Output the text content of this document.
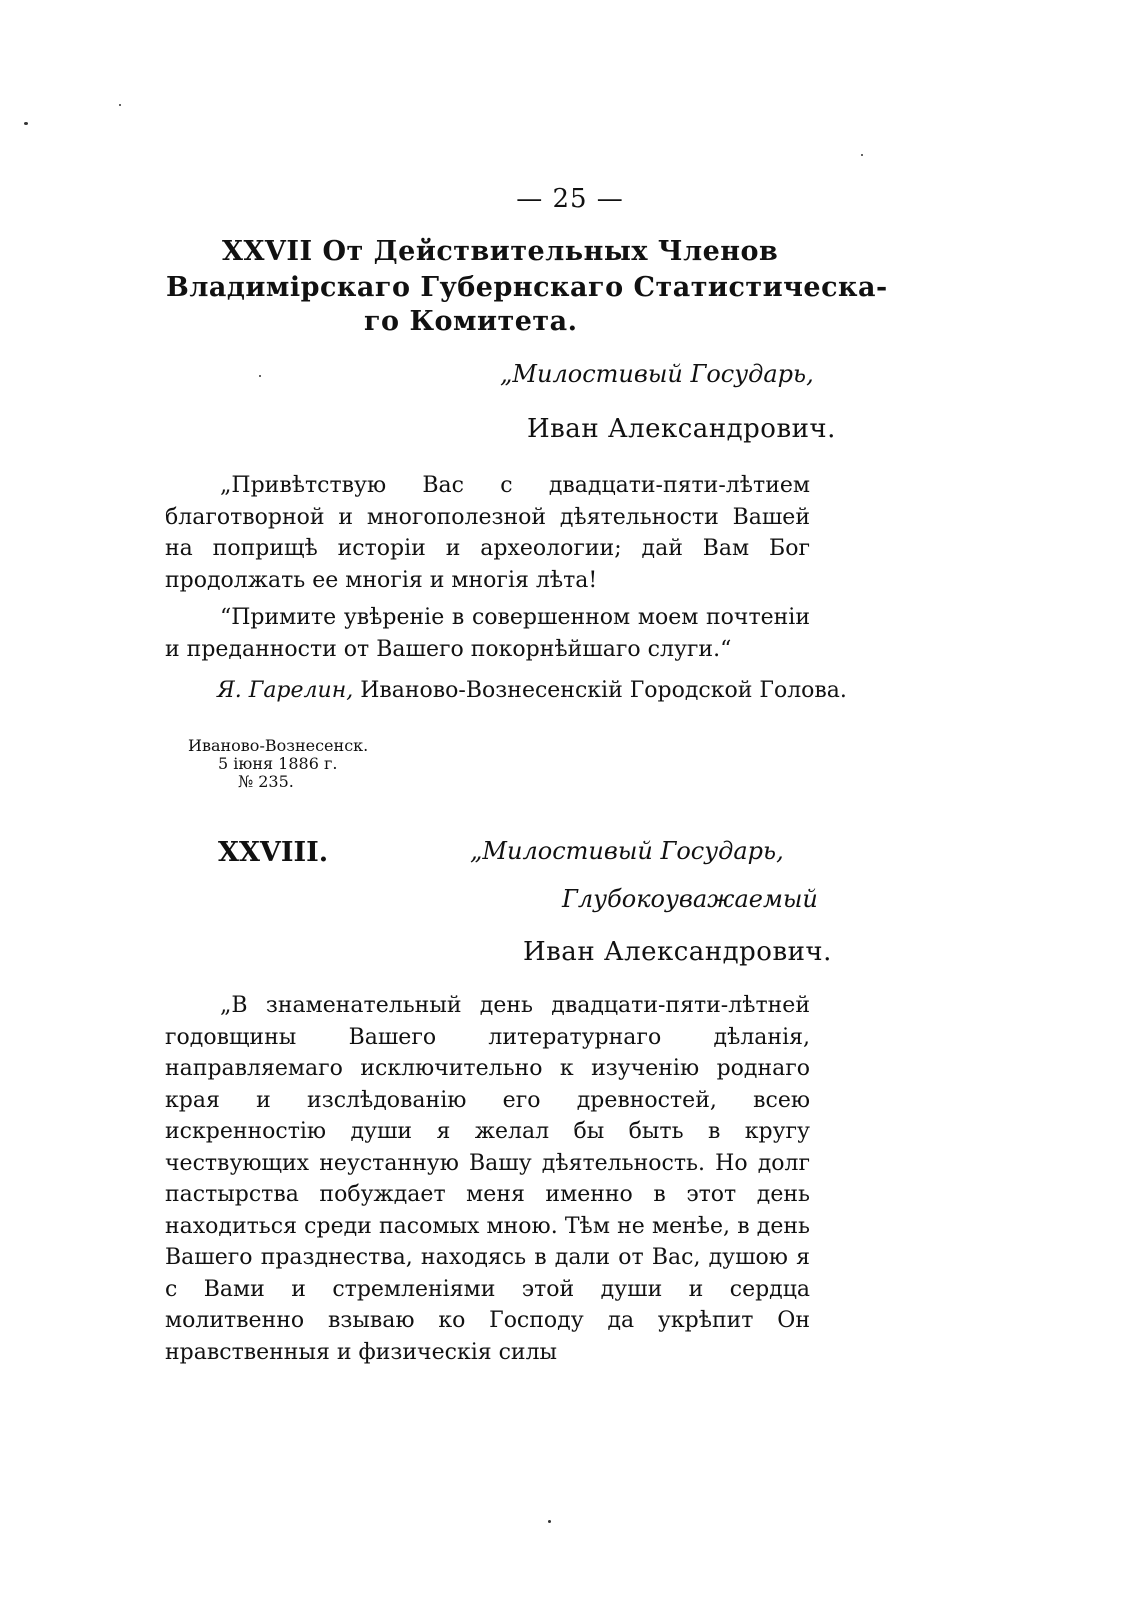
— 25 —
XXVII От Действительных Членов
Владимірскаго Губернскаго Статистическа-
го Комитета.
„Милостивый Государь,
Иван Александрович.
„Привѣтствую Вас с двадцати-пяти-лѣтием благотворной и многополезной дѣятельности Вашей на поприщѣ исторіи и археологии; дай Вам Бог продолжать ее многія и многія лѣта!
“Примите увѣреніе в совершенном моем почтеніи и преданности от Вашего покорнѣйшаго слуги.“
Я. Гарелин, Иваново-Вознесенскій Городской Голова.
Иваново-Вознесенск.
5 іюня 1886 г.
№ 235.
XXVIII.	„Милостивый Государь,
Глубокоуважаемый
Иван Александрович.
„В знаменательный день двадцати-пяти-лѣтней годовщины Вашего литературнаго дѣланія, направляемаго исключительно к изученію роднаго края и изслѣдованію его древностей, всею искренностію души я желал бы быть в кругу чествующих неустанную Вашу дѣятельность. Но долг пастырства побуждает меня именно в этот день находиться среди пасомых мною. Тѣм не менѣе, в день Вашего празднества, находясь в дали от Вас, душою я с Вами и стремленіями этой души и сердца молитвенно взываю ко Господу да укрѣпит Он нравственныя и физическія силы
